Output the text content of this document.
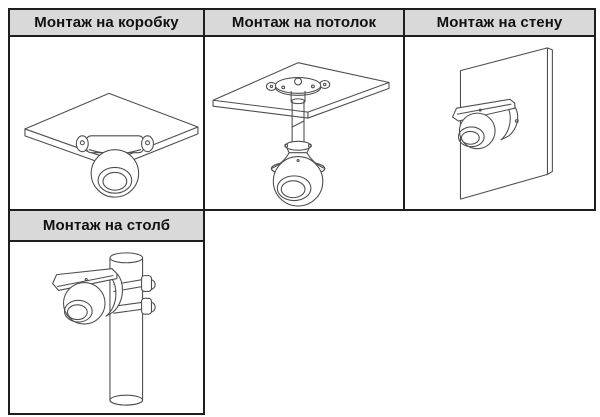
Монтаж на коробку	Монтаж на потолок	Монтаж на стену
Монтаж на столб
